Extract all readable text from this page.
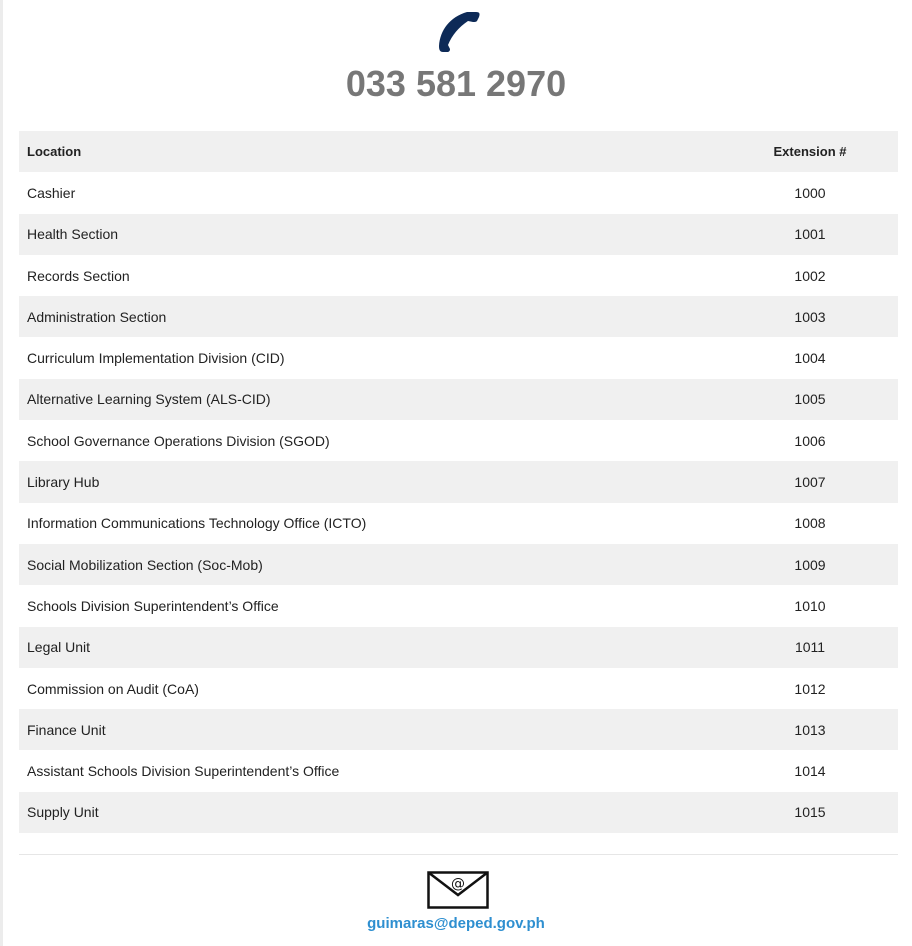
033 581 2970
Location	Extension #
Cashier	1000
Health Section	1001
Records Section	1002
Administration Section	1003
Curriculum Implementation Division (CID)	1004
Alternative Learning System (ALS-CID)	1005
School Governance Operations Division (SGOD)	1006
Library Hub	1007
Information Communications Technology Office (ICTO)	1008
Social Mobilization Section (Soc-Mob)	1009
Schools Division Superintendent’s Office	1010
Legal Unit	1011
Commission on Audit (CoA)	1012
Finance Unit	1013
Assistant Schools Division Superintendent’s Office	1014
Supply Unit	1015
@
guimaras@deped.gov.ph
